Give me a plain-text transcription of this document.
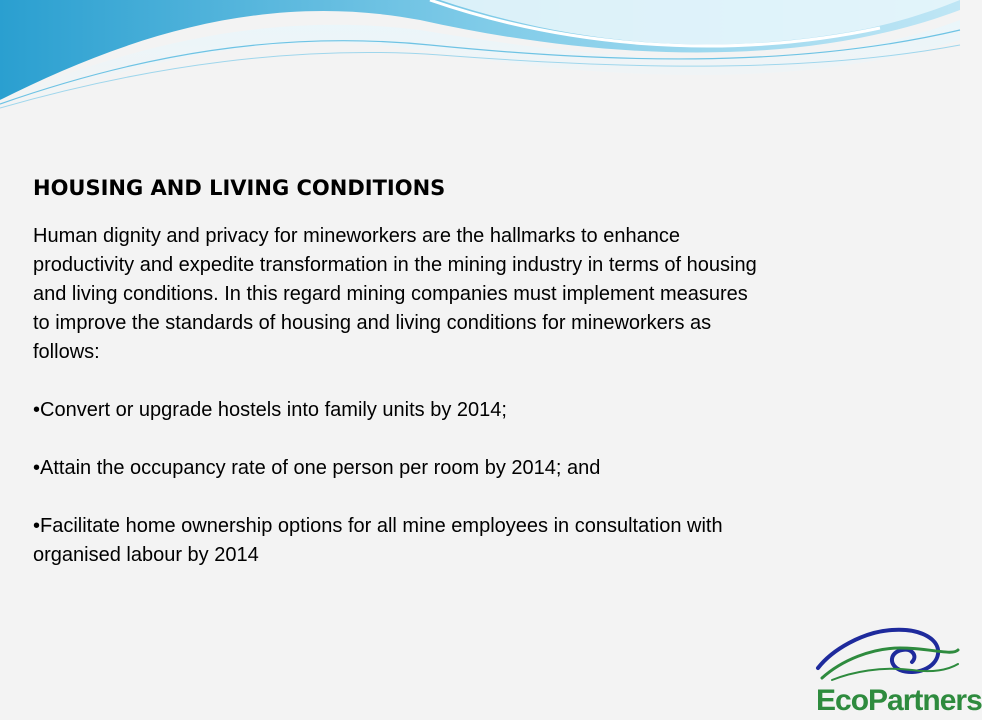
HOUSING AND LIVING CONDITIONS

Human dignity and privacy for mineworkers are the hallmarks to enhance
productivity and expedite transformation in the mining industry in terms of housing
and living conditions. In this regard mining companies must implement measures
to improve the standards of housing and living conditions for mineworkers as
follows:

•Convert or upgrade hostels into family units by 2014;

•Attain the occupancy rate of one person per room by 2014; and

•Facilitate home ownership options for all mine employees in consultation with
organised labour by 2014

EcoPartners
